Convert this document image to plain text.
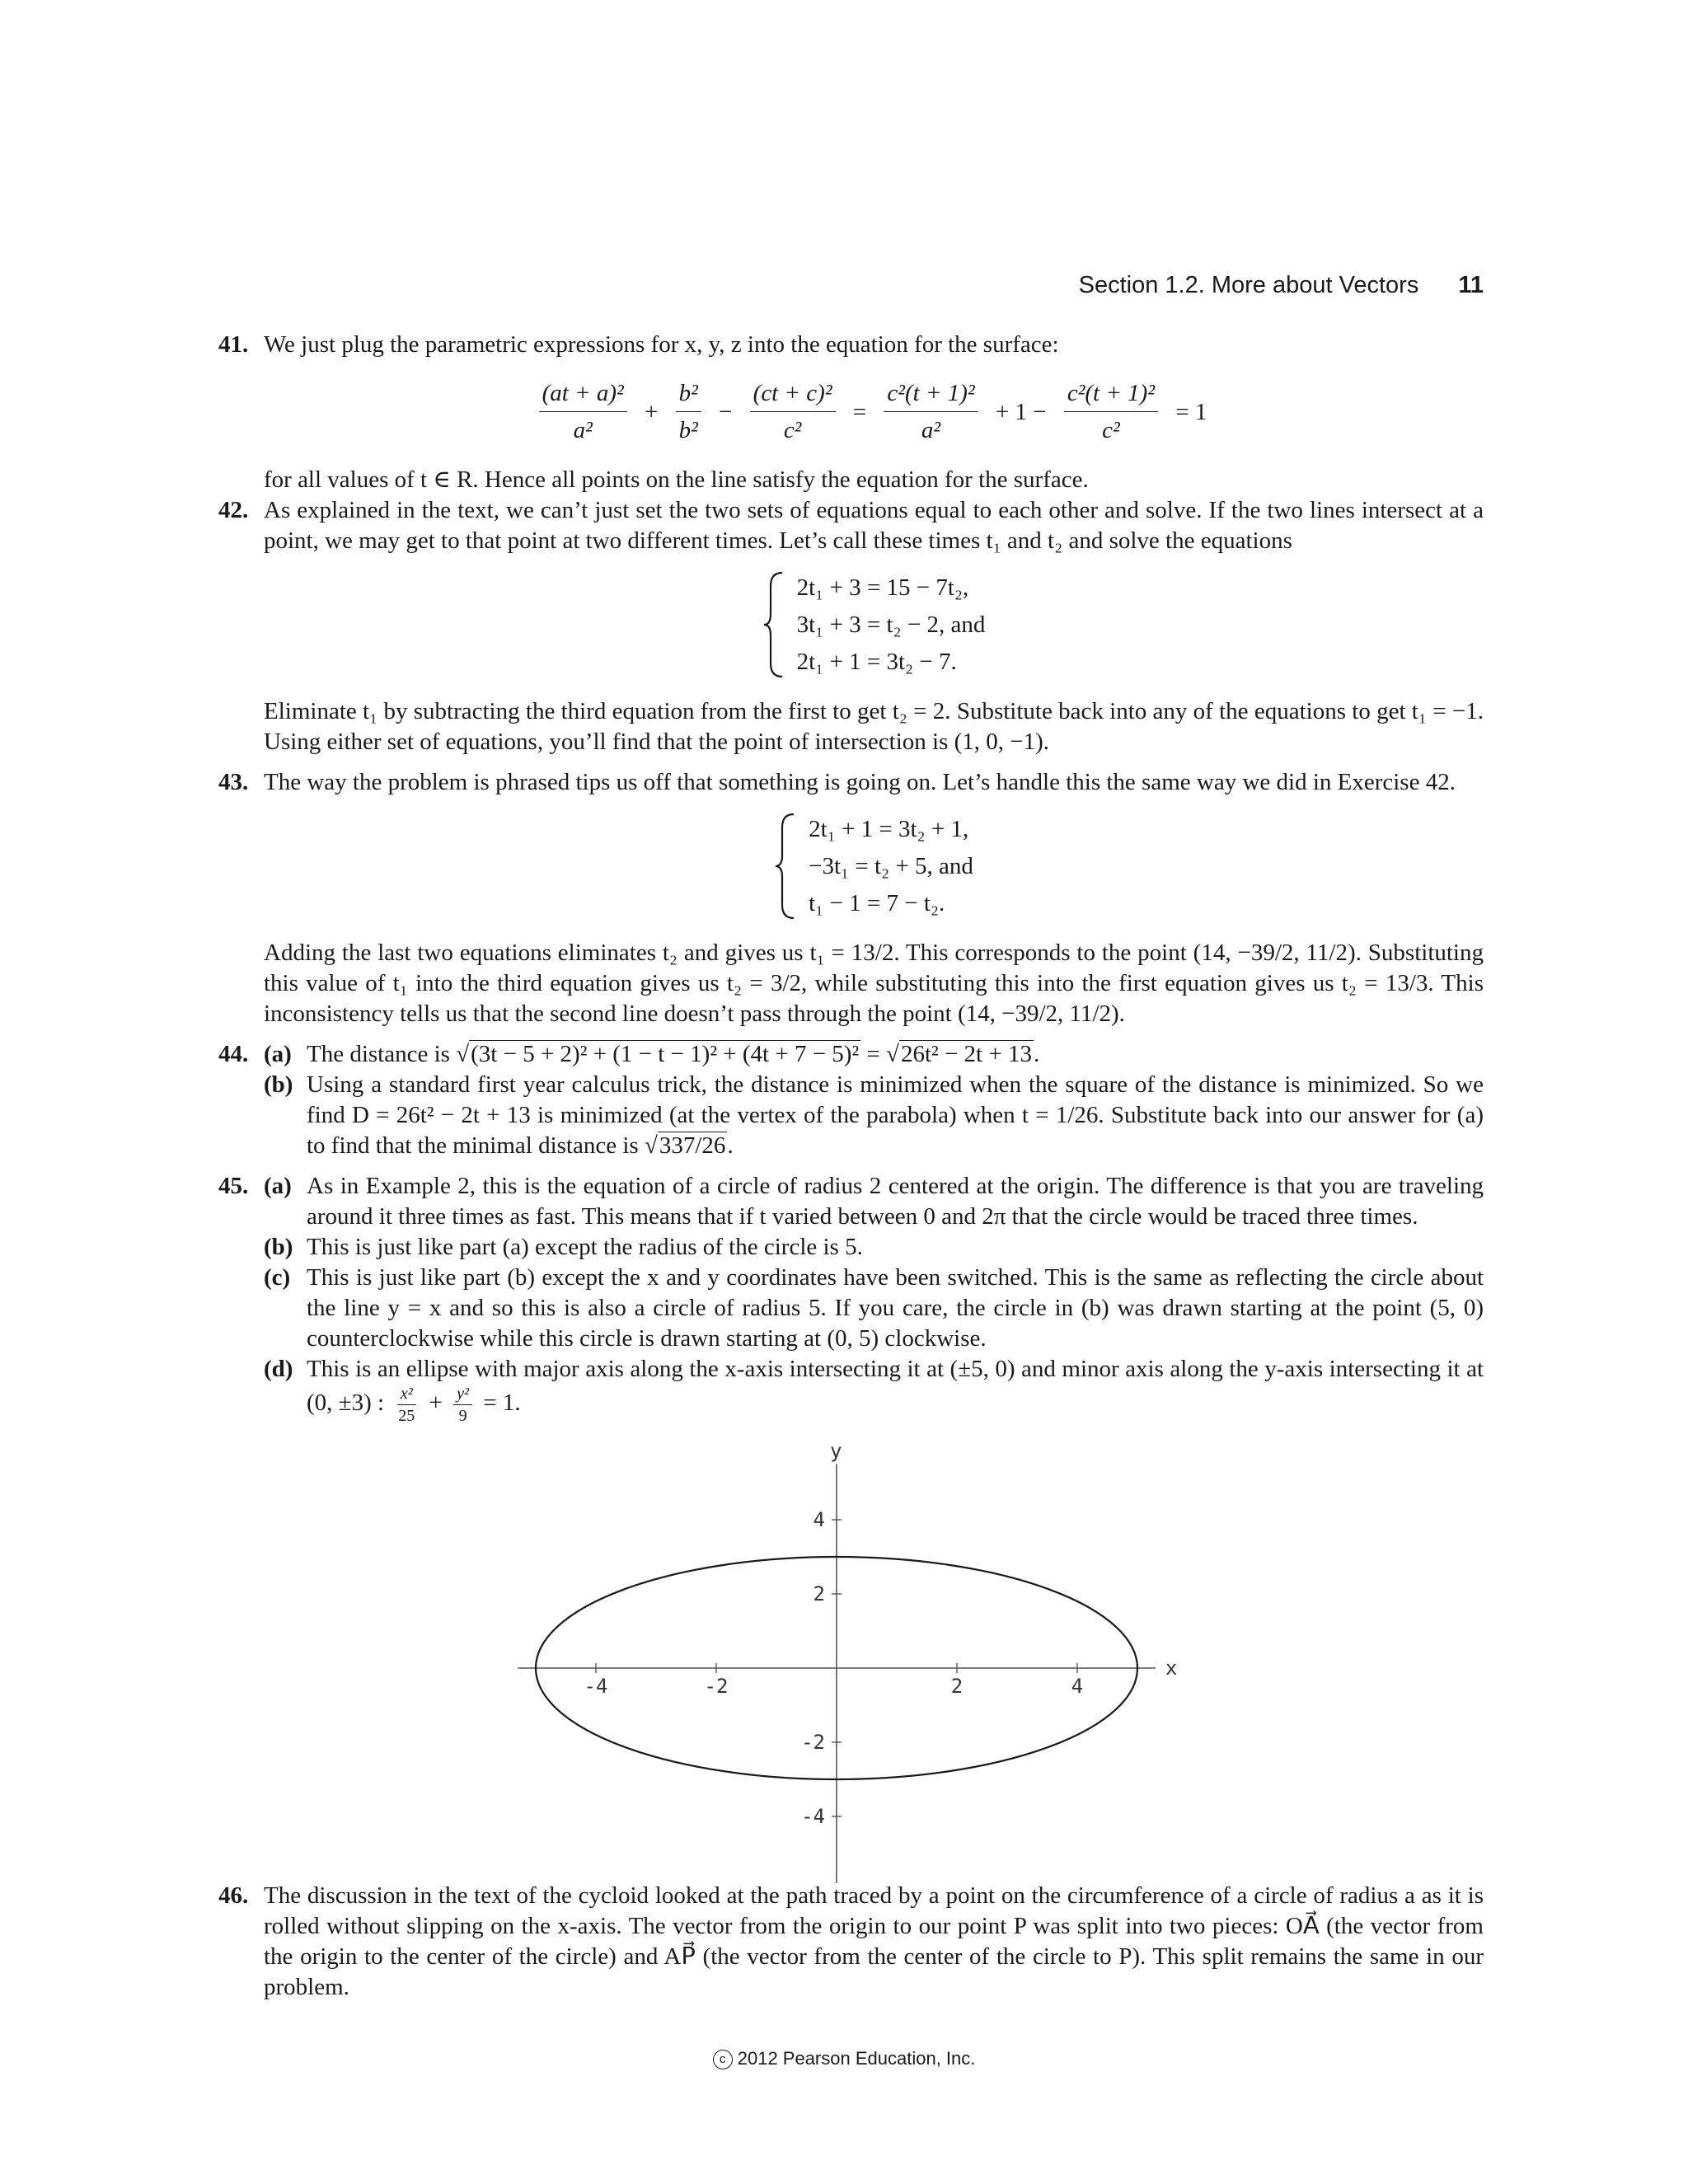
Section 1.2. More about Vectors 11
41. We just plug the parametric expressions for x, y, z into the equation for the surface:

$\frac{\text{(at + a)²}}{\text{a²}} + \frac{\text{b²}}{\text{b²}} - \frac{\text{(ct + c)²}}{\text{c²}} = \frac{\text{c²(t + 1)²}}{\text{a²}} + 1 - \frac{\text{c²(t + 1)²}}{\text{c²}} = 1$

for all values of t ∈ R. Hence all points on the line satisfy the equation for the surface.

42. As explained in the text, we can’t just set the two sets of equations equal to each other and solve. If the two lines intersect at a point, we may get to that point at two different times. Let’s call these times t₁ and t₂ and solve the equations

2t₁ + 3 = 15 − 7t₂,
3t₁ + 3 = t₂ − 2, and
2t₁ + 1 = 3t₂ − 7.

Eliminate t₁ by subtracting the third equation from the first to get t₂ = 2. Substitute back into any of the equations to get t₁ = −1. Using either set of equations, you’ll find that the point of intersection is (1, 0, −1).

43. The way the problem is phrased tips us off that something is going on. Let’s handle this the same way we did in Exercise 42.

2t₁ + 1 = 3t₂ + 1,
−3t₁ = t₂ + 5, and
t₁ − 1 = 7 − t₂.

Adding the last two equations eliminates t₂ and gives us t₁ = 13/2. This corresponds to the point (14, −39/2, 11/2). Substituting this value of t₁ into the third equation gives us t₂ = 3/2, while substituting this into the first equation gives us t₂ = 13/3. This inconsistency tells us that the second line doesn’t pass through the point (14, −39/2, 11/2).

44. (a) The distance is √(3t − 5 + 2)² + (1 − t − 1)² + (4t + 7 − 5)² = √26t² − 2t + 13.

(b) Using a standard first year calculus trick, the distance is minimized when the square of the distance is minimized. So we find D = 26t² − 2t + 13 is minimized (at the vertex of the parabola) when t = 1/26. Substitute back into our answer for (a) to find that the minimal distance is √337/26.

45. (a) As in Example 2, this is the equation of a circle of radius 2 centered at the origin. The difference is that you are traveling around it three times as fast. This means that if t varied between 0 and 2π that the circle would be traced three times.

(b) This is just like part (a) except the radius of the circle is 5.

(c) This is just like part (b) except the x and y coordinates have been switched. This is the same as reflecting the circle about the line y = x and so this is also a circle of radius 5. If you care, the circle in (b) was drawn starting at the point (5, 0) counterclockwise while this circle is drawn starting at (0, 5) clockwise.

(d) This is an ellipse with major axis along the x-axis intersecting it at (±5, 0) and minor axis along the y-axis intersecting it at (0, ±3) : $\frac{\text{x²}}{25} + \frac{\text{y²}}{9} = 1$.

x
y
-4	-2	2	4
4
2
-2
-4
46. The discussion in the text of the cycloid looked at the path traced by a point on the circumference of a circle of radius a as it is rolled without slipping on the x-axis. The vector from the origin to our point P was split into two pieces: OA⃗ (the vector from the origin to the center of the circle) and AP⃗ (the vector from the center of the circle to P). This split remains the same in our problem.

c 2012 Pearson Education, Inc.
